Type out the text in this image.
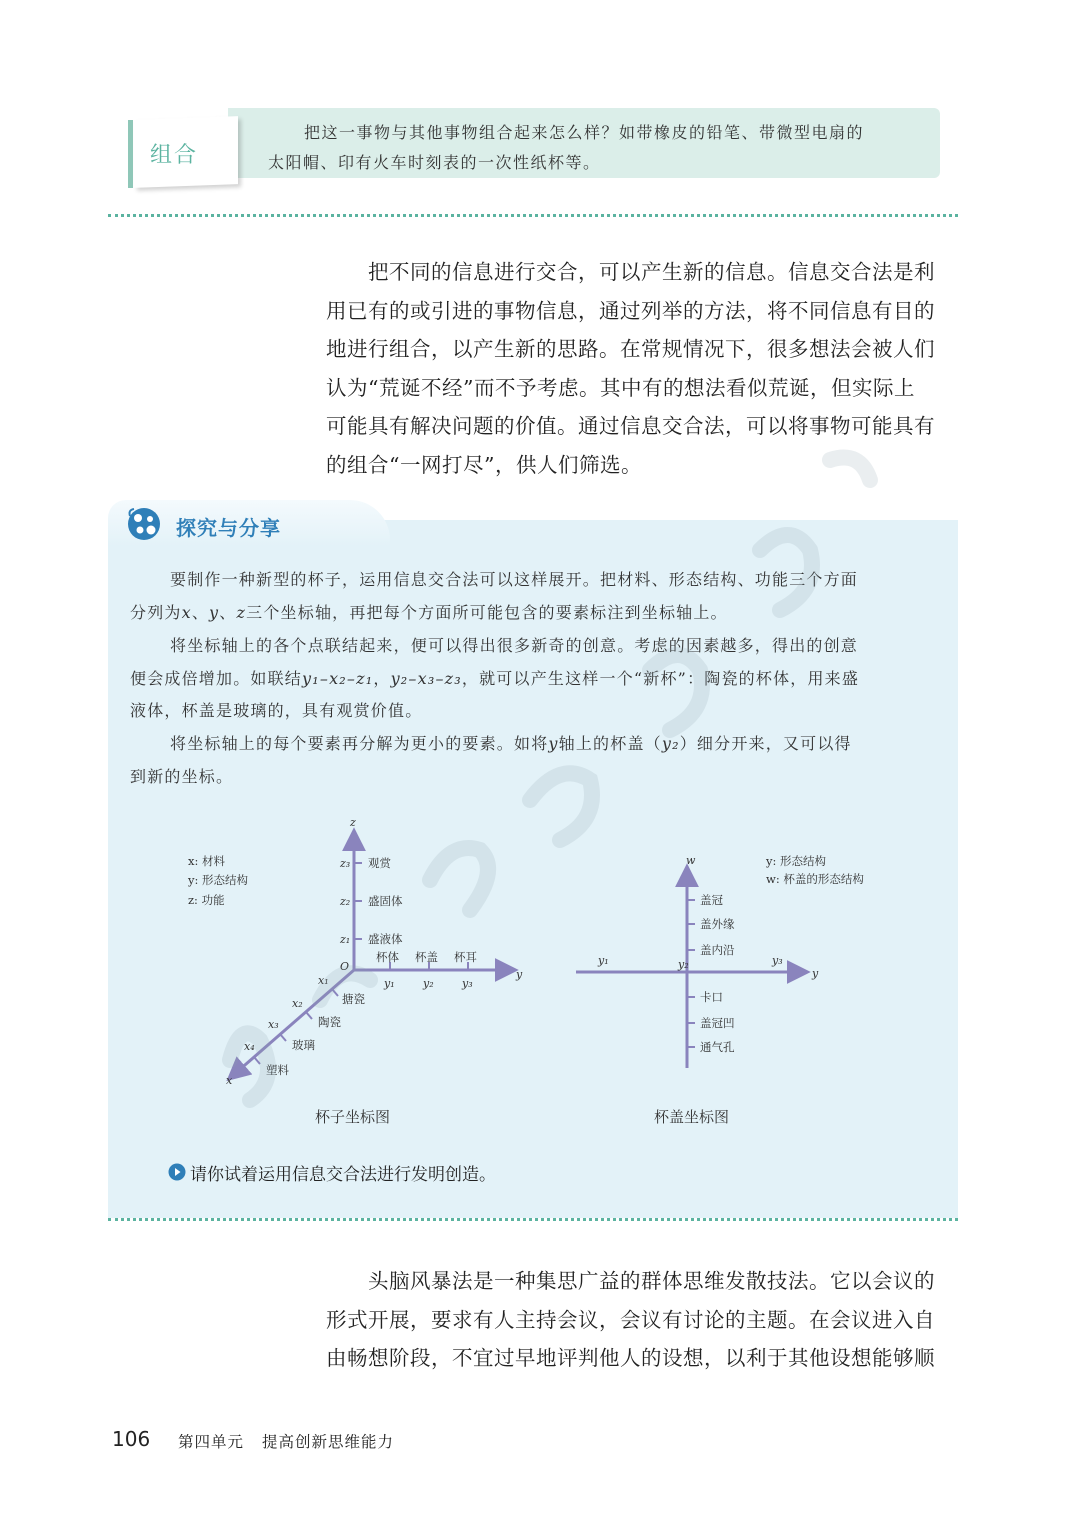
组合
把这一事物与其他事物组合起来怎么样？如带橡皮的铅笔、带微型电扇的
太阳帽、印有火车时刻表的一次性纸杯等。
把不同的信息进行交合，可以产生新的信息。信息交合法是利
用已有的或引进的事物信息，通过列举的方法，将不同信息有目的
地进行组合，以产生新的思路。在常规情况下，很多想法会被人们
认为“荒诞不经”而不予考虑。其中有的想法看似荒诞，但实际上
可能具有解决问题的价值。通过信息交合法，可以将事物可能具有
的组合“一网打尽”，供人们筛选。
探究与分享
要制作一种新型的杯子，运用信息交合法可以这样展开。把材料、形态结构、功能三个方面
分列为x、y、z三个坐标轴，再把每个方面所可能包含的要素标注到坐标轴上。
将坐标轴上的各个点联结起来，便可以得出很多新奇的创意。考虑的因素越多，得出的创意
便会成倍增加。如联结y₁–x₂–z₁，y₂–x₃–z₃，就可以产生这样一个“新杯”：陶瓷的杯体，用来盛
液体，杯盖是玻璃的，具有观赏价值。
将坐标轴上的每个要素再分解为更小的要素。如将y轴上的杯盖（y₂）细分开来，又可以得
到新的坐标。
x: 材料
y: 形态结构
z: 功能
z
y
x
O
z₃ 观赏
z₂ 盛固体
z₁ 盛液体
杯体
y₁
杯盖
y₂
杯耳
y₃
x₁
搪瓷
x₂
陶瓷
x₃
玻璃
x₄
塑料
杯子坐标图
y: 形态结构
w: 杯盖的形态结构
w
y
y₁	y₂	y₃
盖冠
盖外缘
盖内沿
卡口
盖冠凹
通气孔
杯盖坐标图
请你试着运用信息交合法进行发明创造。
头脑风暴法是一种集思广益的群体思维发散技法。它以会议的
形式开展，要求有人主持会议，会议有讨论的主题。在会议进入自
由畅想阶段，不宜过早地评判他人的设想，以利于其他设想能够顺
106 第四单元 提高创新思维能力
